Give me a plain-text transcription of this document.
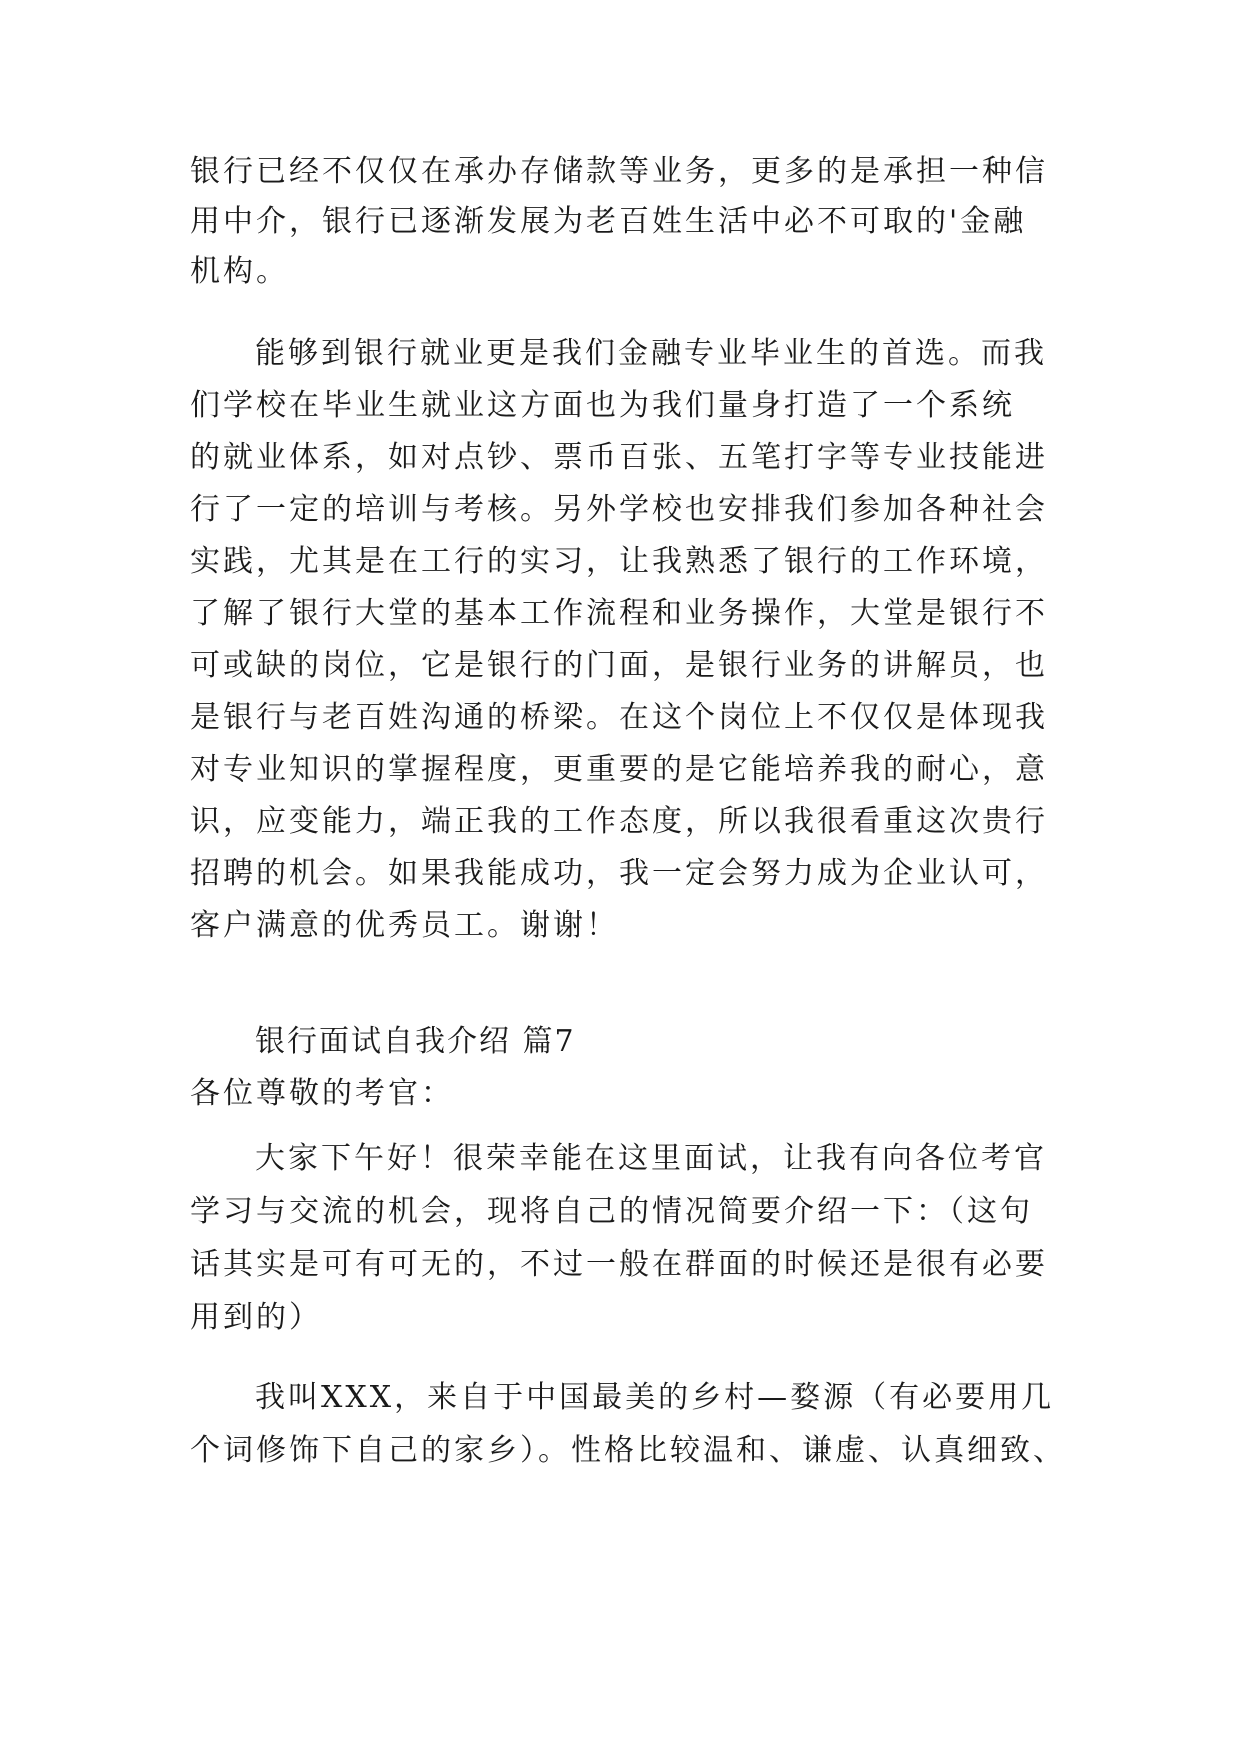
银行已经不仅仅在承办存储款等业务，更多的是承担一种信
用中介，银行已逐渐发展为老百姓生活中必不可取的'金融
机构。
能够到银行就业更是我们金融专业毕业生的首选。而我
们学校在毕业生就业这方面也为我们量身打造了一个系统
的就业体系，如对点钞、票币百张、五笔打字等专业技能进
行了一定的培训与考核。另外学校也安排我们参加各种社会
实践，尤其是在工行的实习，让我熟悉了银行的工作环境，
了解了银行大堂的基本工作流程和业务操作，大堂是银行不
可或缺的岗位，它是银行的门面，是银行业务的讲解员，也
是银行与老百姓沟通的桥梁。在这个岗位上不仅仅是体现我
对专业知识的掌握程度，更重要的是它能培养我的耐心，意
识，应变能力，端正我的工作态度，所以我很看重这次贵行
招聘的机会。如果我能成功，我一定会努力成为企业认可，
客户满意的优秀员工。谢谢！
银行面试自我介绍 篇7
各位尊敬的考官：
大家下午好！很荣幸能在这里面试，让我有向各位考官
学习与交流的机会，现将自己的情况简要介绍一下：（这句
话其实是可有可无的，不过一般在群面的时候还是很有必要
用到的）
我叫XXX，来自于中国最美的乡村—婺源（有必要用几
个词修饰下自己的家乡）。性格比较温和、谦虚、认真细致、
